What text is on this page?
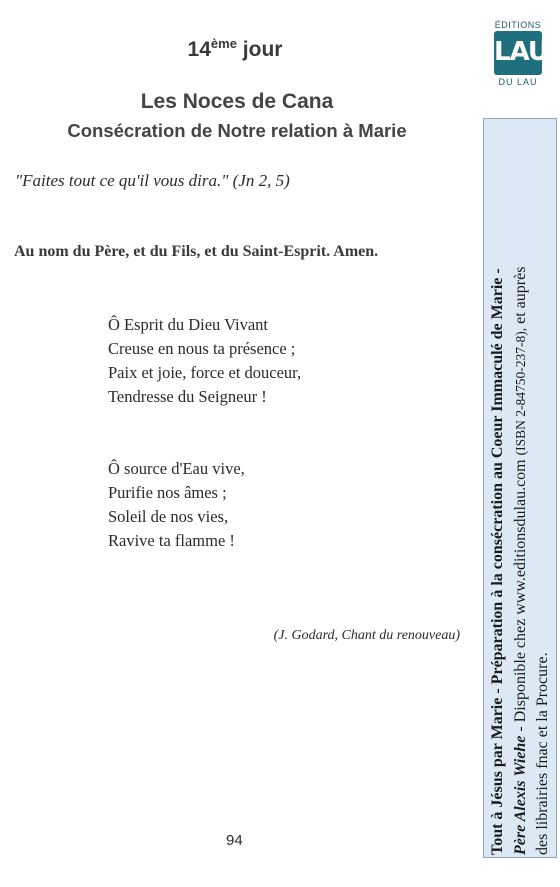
14ème jour
Les Noces de Cana
Consécration de Notre relation à Marie
"Faites tout ce qu'il vous dira." (Jn 2, 5)
Au nom du Père, et du Fils, et du Saint-Esprit. Amen.
Ô Esprit du Dieu Vivant
Creuse en nous ta présence ;
Paix et joie, force et douceur,
Tendresse du Seigneur !
Ô source d'Eau vive,
Purifie nos âmes ;
Soleil de nos vies,
Ravive ta flamme !
(J. Godard, Chant du renouveau)
94
ÉDITIONS
LAU
DU LAU
Tout à Jésus par Marie - Préparation à la consécration au Coeur Immaculé de Marie - Père Alexis Wiehe - Disponible chez www.editionsdulau.com (ISBN 2-84750-237-8), et auprès
des librairies fnac et la Procure.
